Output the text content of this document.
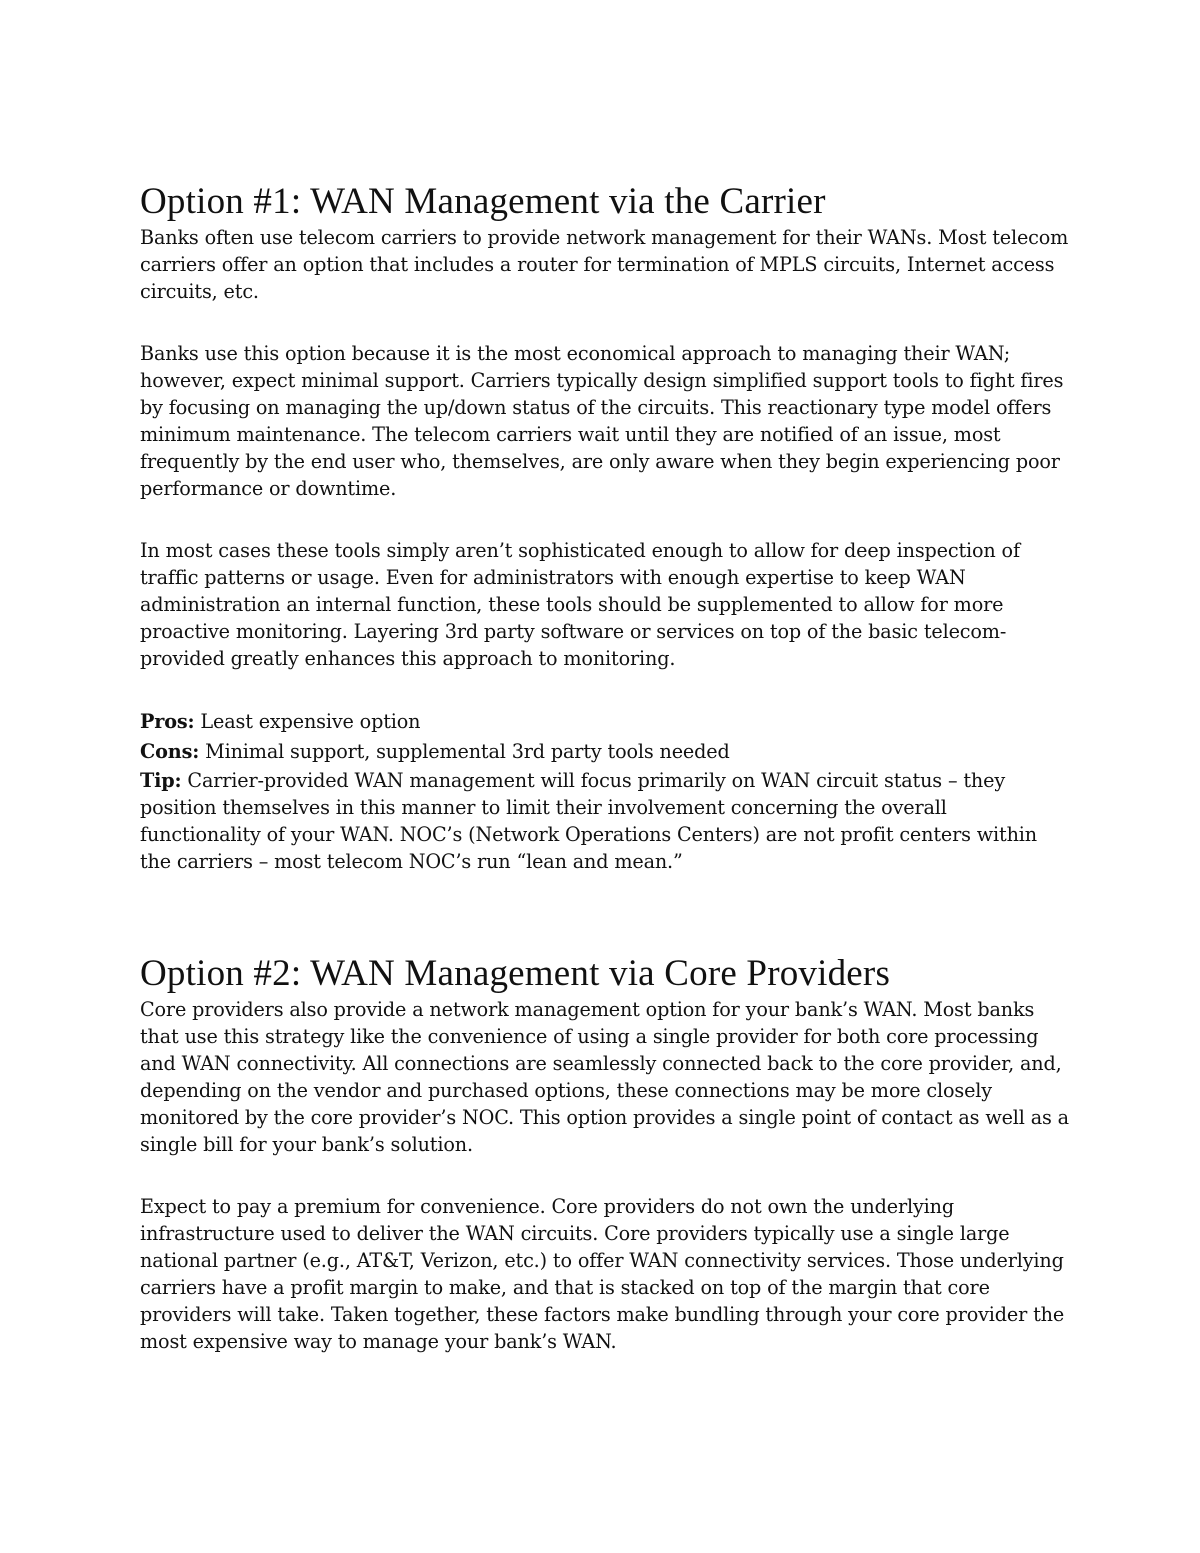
Option #1: WAN Management via the Carrier

Banks often use telecom carriers to provide network management for their WANs. Most telecom carriers offer an option that includes a router for termination of MPLS circuits, Internet access circuits, etc.

Banks use this option because it is the most economical approach to managing their WAN; however, expect minimal support. Carriers typically design simplified support tools to fight fires by focusing on managing the up/down status of the circuits. This reactionary type model offers minimum maintenance. The telecom carriers wait until they are notified of an issue, most frequently by the end user who, themselves, are only aware when they begin experiencing poor performance or downtime.

In most cases these tools simply aren’t sophisticated enough to allow for deep inspection of traffic patterns or usage. Even for administrators with enough expertise to keep WAN administration an internal function, these tools should be supplemented to allow for more proactive monitoring. Layering 3rd party software or services on top of the basic telecom-provided greatly enhances this approach to monitoring.

Pros: Least expensive option

Cons: Minimal support, supplemental 3rd party tools needed

Tip: Carrier-provided WAN management will focus primarily on WAN circuit status – they position themselves in this manner to limit their involvement concerning the overall functionality of your WAN. NOC’s (Network Operations Centers) are not profit centers within the carriers – most telecom NOC’s run “lean and mean.”

Option #2: WAN Management via Core Providers

Core providers also provide a network management option for your bank’s WAN. Most banks that use this strategy like the convenience of using a single provider for both core processing and WAN connectivity. All connections are seamlessly connected back to the core provider, and, depending on the vendor and purchased options, these connections may be more closely monitored by the core provider’s NOC. This option provides a single point of contact as well as a single bill for your bank’s solution.

Expect to pay a premium for convenience. Core providers do not own the underlying infrastructure used to deliver the WAN circuits. Core providers typically use a single large national partner (e.g., AT&T, Verizon, etc.) to offer WAN connectivity services. Those underlying carriers have a profit margin to make, and that is stacked on top of the margin that core providers will take. Taken together, these factors make bundling through your core provider the most expensive way to manage your bank’s WAN.
